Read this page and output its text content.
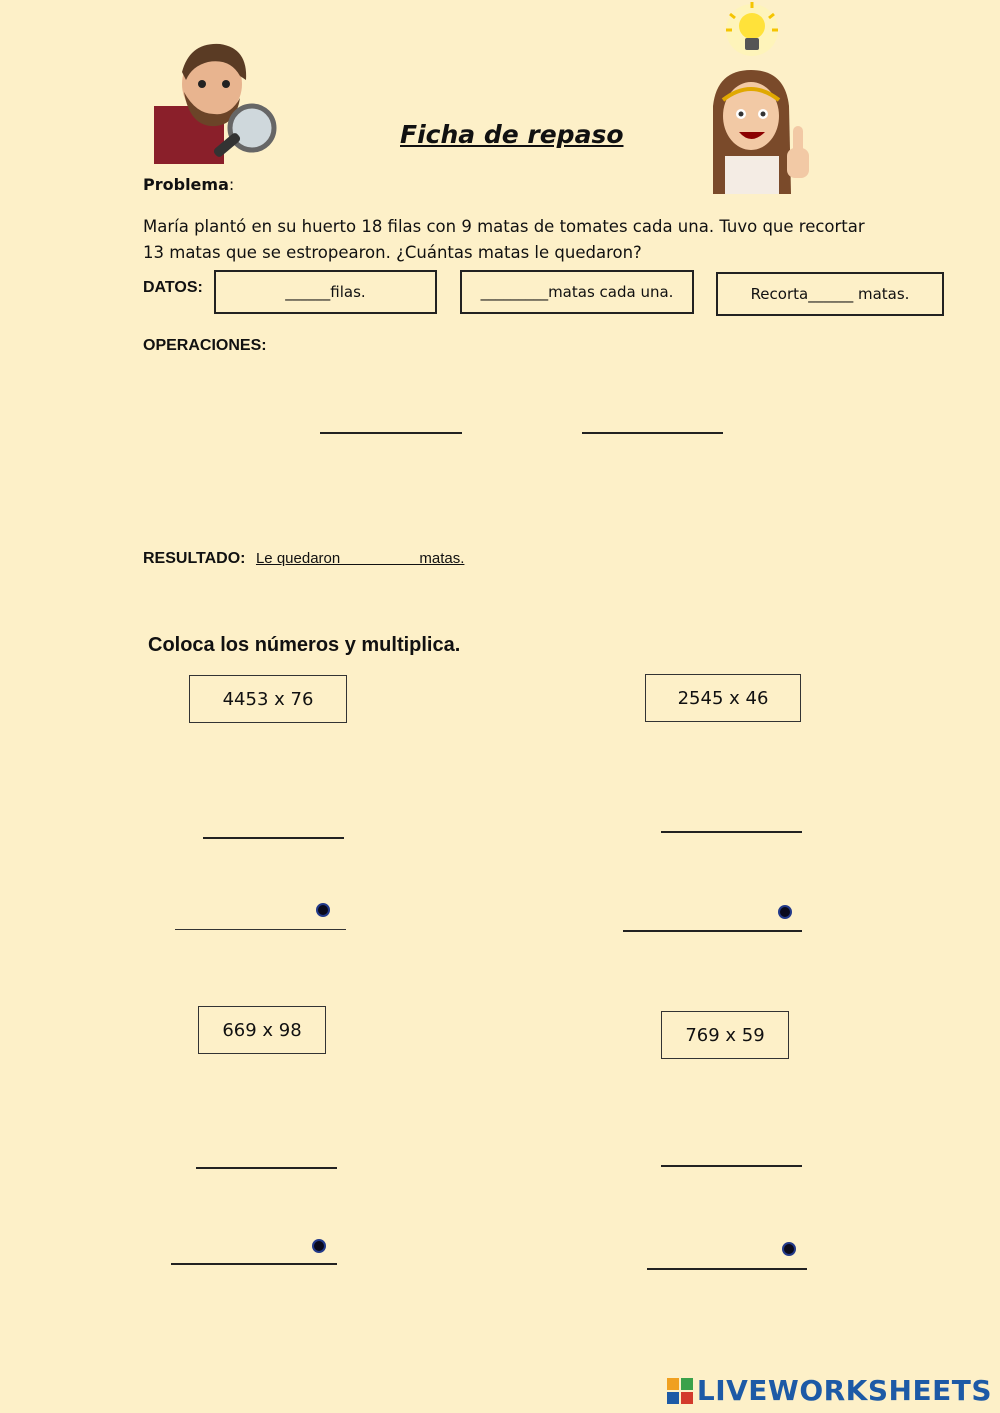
Ficha de repaso
Problema:
María plantó en su huerto 18 filas con 9 matas de tomates cada una. Tuvo que recortar
13 matas que se estropearon. ¿Cuántas matas le quedaron?
DATOS:	______filas.	_________matas cada una.	Recorta______ matas.
OPERACIONES:
RESULTADO: Le quedaron                   matas.
Coloca los números y multiplica.
4453 x 76	2545 x 46
669 x 98	769 x 59
LIVEWORKSHEETS
